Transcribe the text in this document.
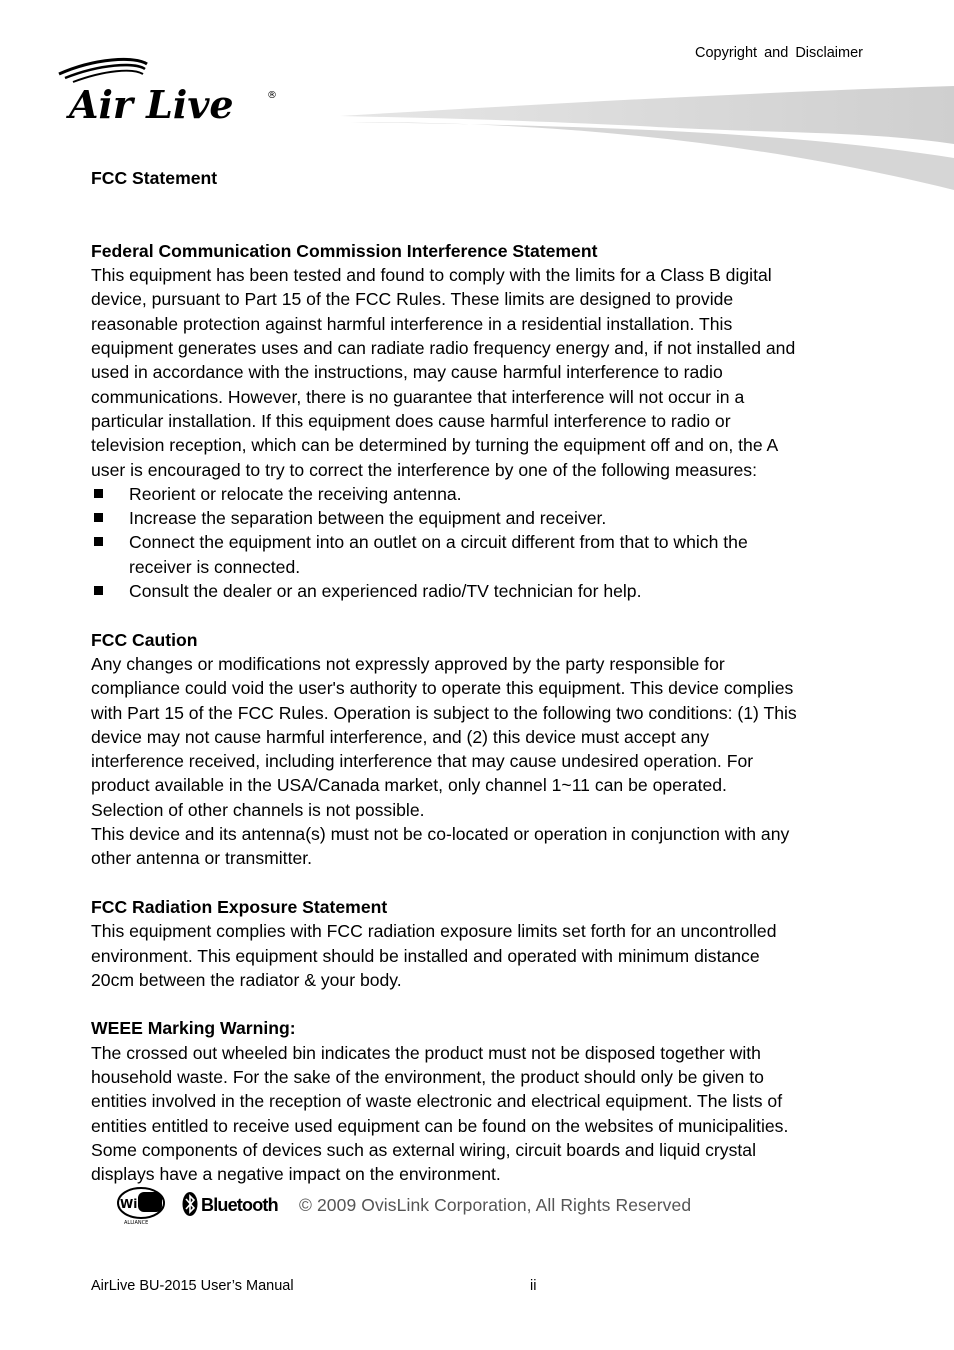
Copyright and Disclaimer
Air Live	®

FCC Statement

Federal Communication Commission Interference Statement

This equipment has been tested and found to comply with the limits for a Class B digital

device, pursuant to Part 15 of the FCC Rules. These limits are designed to provide

reasonable protection against harmful interference in a residential installation. This

equipment generates uses and can radiate radio frequency energy and, if not installed and

used in accordance with the instructions, may cause harmful interference to radio

communications. However, there is no guarantee that interference will not occur in a

particular installation. If this equipment does cause harmful interference to radio or

television reception, which can be determined by turning the equipment off and on, the A

user is encouraged to try to correct the interference by one of the following measures:

Reorient or relocate the receiving antenna.
Increase the separation between the equipment and receiver.
Connect the equipment into an outlet on a circuit different from that to which the
receiver is connected.
Consult the dealer or an experienced radio/TV technician for help.

FCC Caution

Any changes or modifications not expressly approved by the party responsible for

compliance could void the user's authority to operate this equipment. This device complies

with Part 15 of the FCC Rules. Operation is subject to the following two conditions: (1) This

device may not cause harmful interference, and (2) this device must accept any

interference received, including interference that may cause undesired operation. For

product available in the USA/Canada market, only channel 1~11 can be operated.

Selection of other channels is not possible.

This device and its antenna(s) must not be co-located or operation in conjunction with any

other antenna or transmitter.

FCC Radiation Exposure Statement

This equipment complies with FCC radiation exposure limits set forth for an uncontrolled

environment. This equipment should be installed and operated with minimum distance

20cm between the radiator & your body.

WEEE Marking Warning:

The crossed out wheeled bin indicates the product must not be disposed together with

household waste. For the sake of the environment, the product should only be given to

entities involved in the reception of waste electronic and electrical equipment. The lists of

entities entitled to receive used equipment can be found on the websites of municipalities.

Some components of devices such as external wiring, circuit boards and liquid crystal

displays have a negative impact on the environment.

Wi Fi
ALLIANCE
Bluetooth © 2009 OvisLink Corporation, All Rights Reserved
AirLive BU-2015 User’s Manual	ii
